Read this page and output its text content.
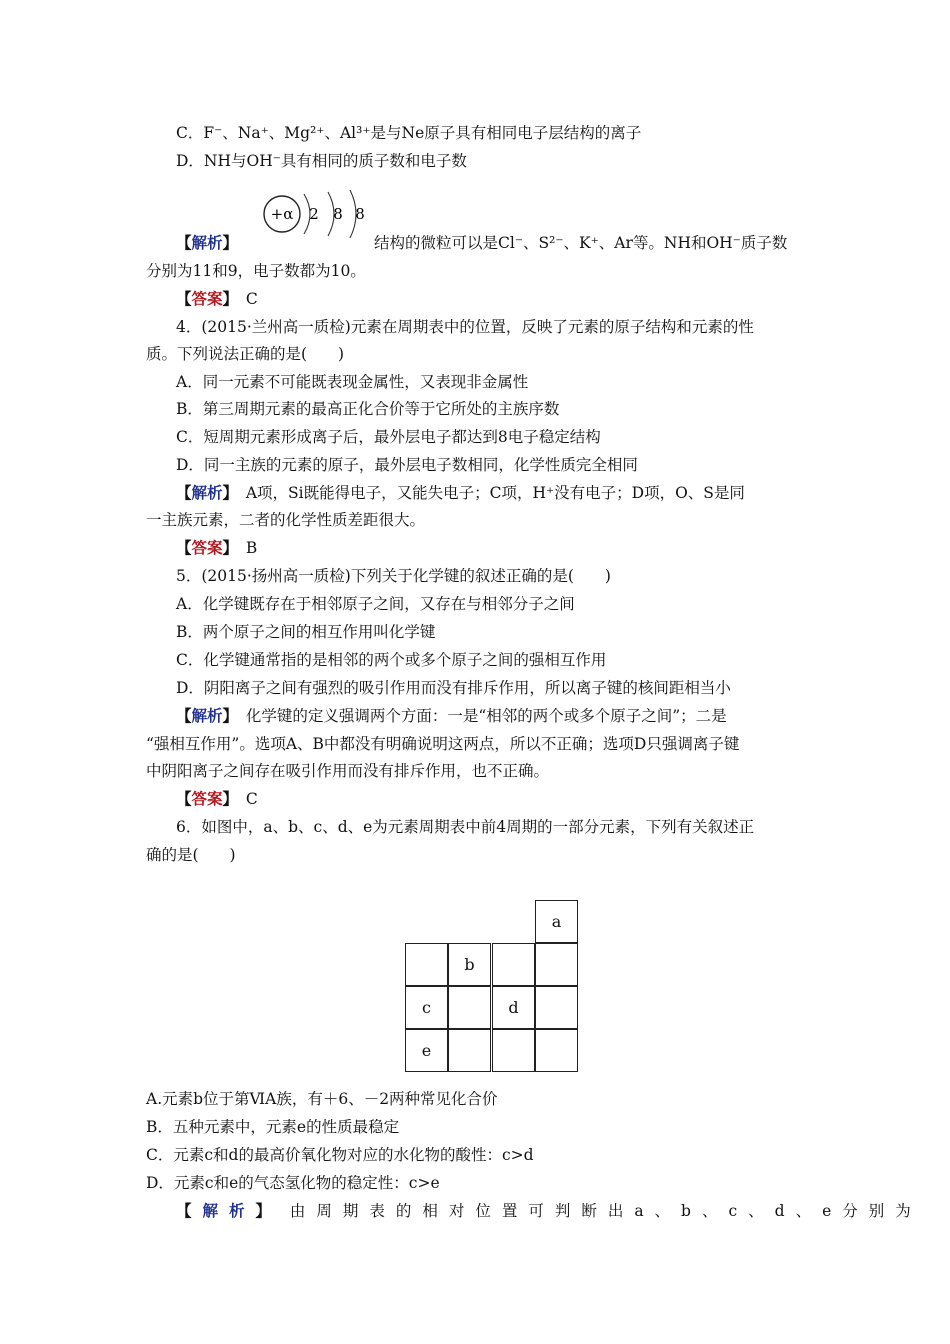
C．F⁻、Na⁺、Mg²⁺、Al³⁺是与Ne原子具有相同电子层结构的离子
D．NH与OH⁻具有相同的质子数和电子数
+α 2 8 8
【解析】	结构的微粒可以是Cl⁻、S²⁻、K⁺、Ar等。NH和OH⁻质子数
分别为11和9，电子数都为10。
【答案】　 C
4．(2015·兰州高一质检)元素在周期表中的位置，反映了元素的原子结构和元素的性
质。下列说法正确的是(　　)
A．同一元素不可能既表现金属性，又表现非金属性
B．第三周期元素的最高正化合价等于它所处的主族序数
C．短周期元素形成离子后，最外层电子都达到8电子稳定结构
D．同一主族的元素的原子，最外层电子数相同，化学性质完全相同
【解析】　 A项，Si既能得电子，又能失电子；C项，H⁺没有电子；D项，O、S是同
一主族元素，二者的化学性质差距很大。
【答案】　 B
5．(2015·扬州高一质检)下列关于化学键的叙述正确的是(　　)
A．化学键既存在于相邻原子之间，又存在与相邻分子之间
B．两个原子之间的相互作用叫化学键
C．化学键通常指的是相邻的两个或多个原子之间的强相互作用
D．阴阳离子之间有强烈的吸引作用而没有排斥作用，所以离子键的核间距相当小
【解析】　 化学键的定义强调两个方面：一是“相邻的两个或多个原子之间”；二是
“强相互作用”。选项A、B中都没有明确说明这两点，所以不正确；选项D只强调离子键
中阴阳离子之间存在吸引作用而没有排斥作用，也不正确。
【答案】　 C
6．如图中，a、b、c、d、e为元素周期表中前4周期的一部分元素，下列有关叙述正
确的是(　　)
a
b
c	d
e
A.元素b位于第ⅥA族，有＋6、－2两种常见化合价
B．五种元素中，元素e的性质最稳定
C．元素c和d的最高价氧化物对应的水化物的酸性：c>d
D．元素c和e的气态氢化物的稳定性：c>e
【解析】　 由周期表的相对位置可判断出a、b、c、d、e分别为
